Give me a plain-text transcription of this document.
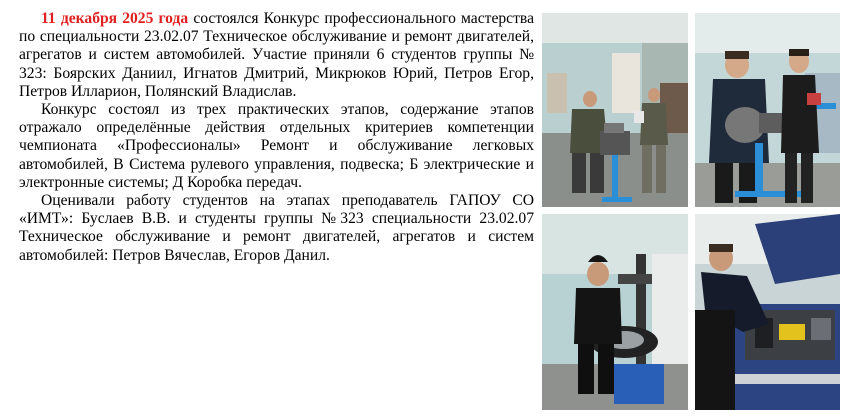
11 декабря 2025 года состоялся Конкурс профессионального мастерства по специальности 23.02.07 Техническое обслуживание и ремонт двигателей, агрегатов и систем автомобилей. Участие приняли 6 студентов группы № 323: Боярских Даниил, Игнатов Дмитрий, Микрюков Юрий, Петров Егор, Петров Илларион, Полянский Владислав.

Конкурс состоял из трех практических этапов, содержание этапов отражало определённые действия отдельных критериев компетенции чемпионата «Профессионалы» Ремонт и обслуживание легковых автомобилей, В Система рулевого управления, подвеска; Б электрические и электронные системы; Д Коробка передач.

Оценивали работу студентов на этапах преподаватель ГАПОУ СО «ИМТ»: Буслаев В.В. и студенты группы №323 специальности 23.02.07 Техническое обслуживание и ремонт двигателей, агрегатов и систем автомобилей: Петров Вячеслав, Егоров Данил.
